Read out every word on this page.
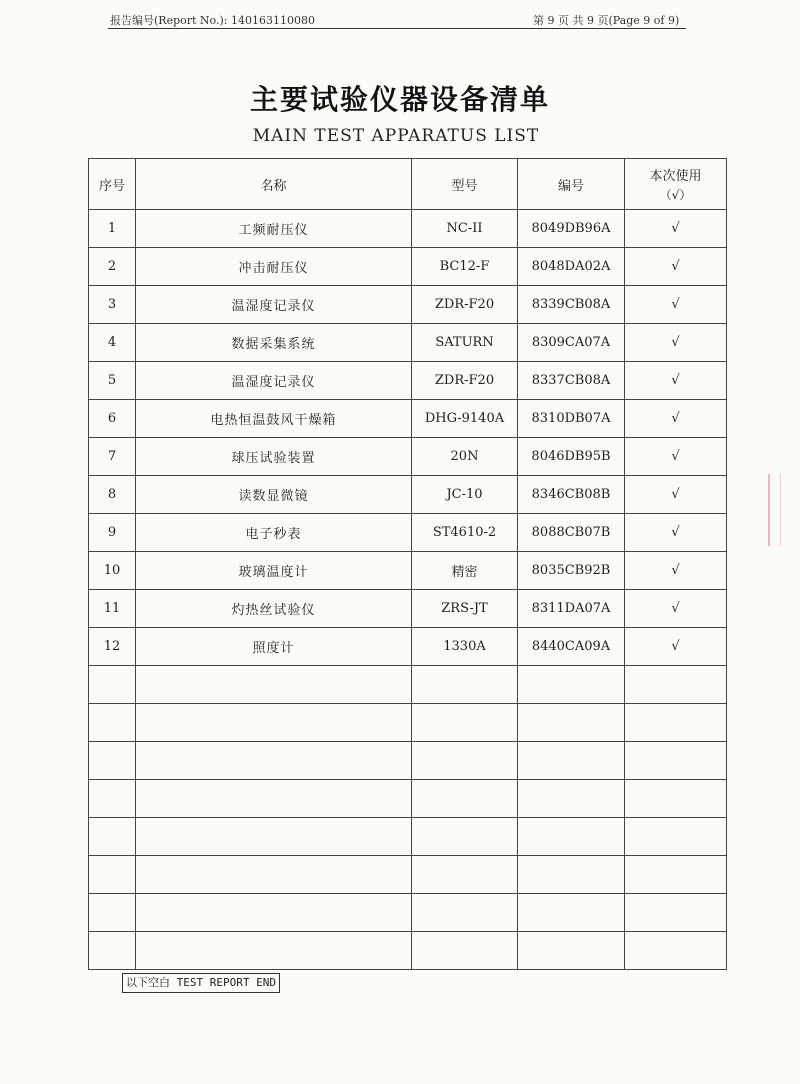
报告编号(Report No.): 140163110080	第 9 页 共 9 页(Page 9 of 9)
主要试验仪器设备清单
MAIN TEST APPARATUS LIST
序号	名称	型号	编号	本次使用
（√）

1	工频耐压仪	NC-II	8049DB96A	√
2	冲击耐压仪	BC12-F	8048DA02A	√
3	温湿度记录仪	ZDR-F20	8339CB08A	√
4	数据采集系统	SATURN	8309CA07A	√
5	温湿度记录仪	ZDR-F20	8337CB08A	√
6	电热恒温鼓风干燥箱	DHG-9140A	8310DB07A	√
7	球压试验装置	20N	8046DB95B	√
8	读数显微镜	JC-10	8346CB08B	√
9	电子秒表	ST4610-2	8088CB07B	√
10	玻璃温度计	精密	8035CB92B	√
11	灼热丝试验仪	ZRS-JT	8311DA07A	√
12	照度计	1330A	8440CA09A	√

以下空白 TEST REPORT END
